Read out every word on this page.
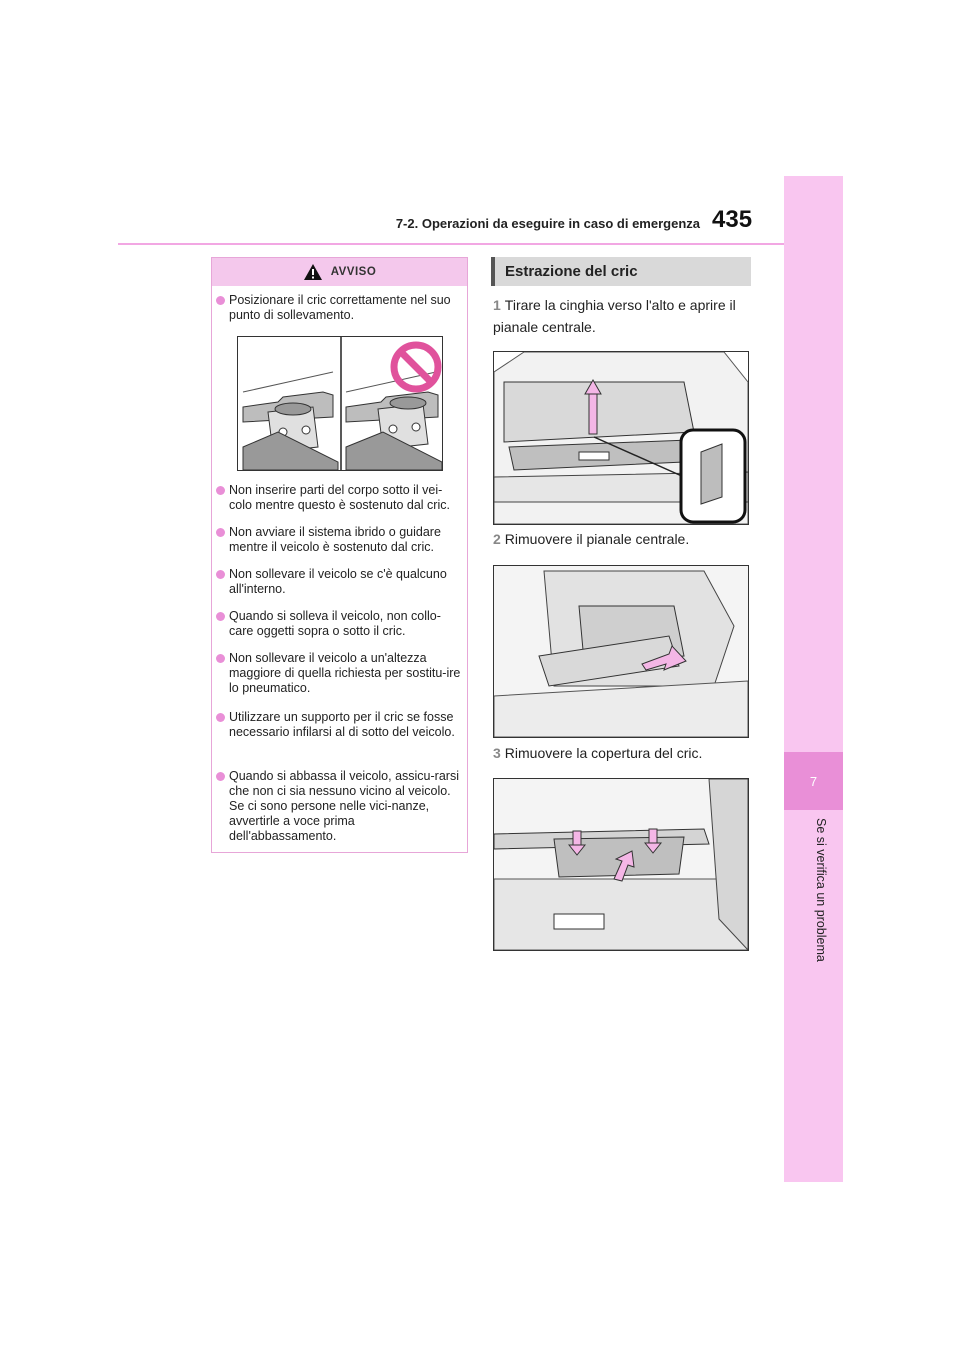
7-2. Operazioni da eseguire in caso di emergenza 435
7
Se si verifica un problema
AVVISO
Posizionare il cric correttamente nel suo punto di sollevamento.
Non inserire parti del corpo sotto il vei-colo mentre questo è sostenuto dal cric.
Non avviare il sistema ibrido o guidare mentre il veicolo è sostenuto dal cric.
Non sollevare il veicolo se c'è qualcuno all'interno.
Quando si solleva il veicolo, non collo-care oggetti sopra o sotto il cric.
Non sollevare il veicolo a un'altezza maggiore di quella richiesta per sostitu-ire lo pneumatico.
Utilizzare un supporto per il cric se fosse necessario infilarsi al di sotto del veicolo.
Quando si abbassa il veicolo, assicu-rarsi che non ci sia nessuno vicino al veicolo. Se ci sono persone nelle vici-nanze, avvertirle a voce prima dell'abbassamento.
Estrazione del cric
1 Tirare la cinghia verso l'alto e aprire il pianale centrale.
2 Rimuovere il pianale centrale.
3 Rimuovere la copertura del cric.
